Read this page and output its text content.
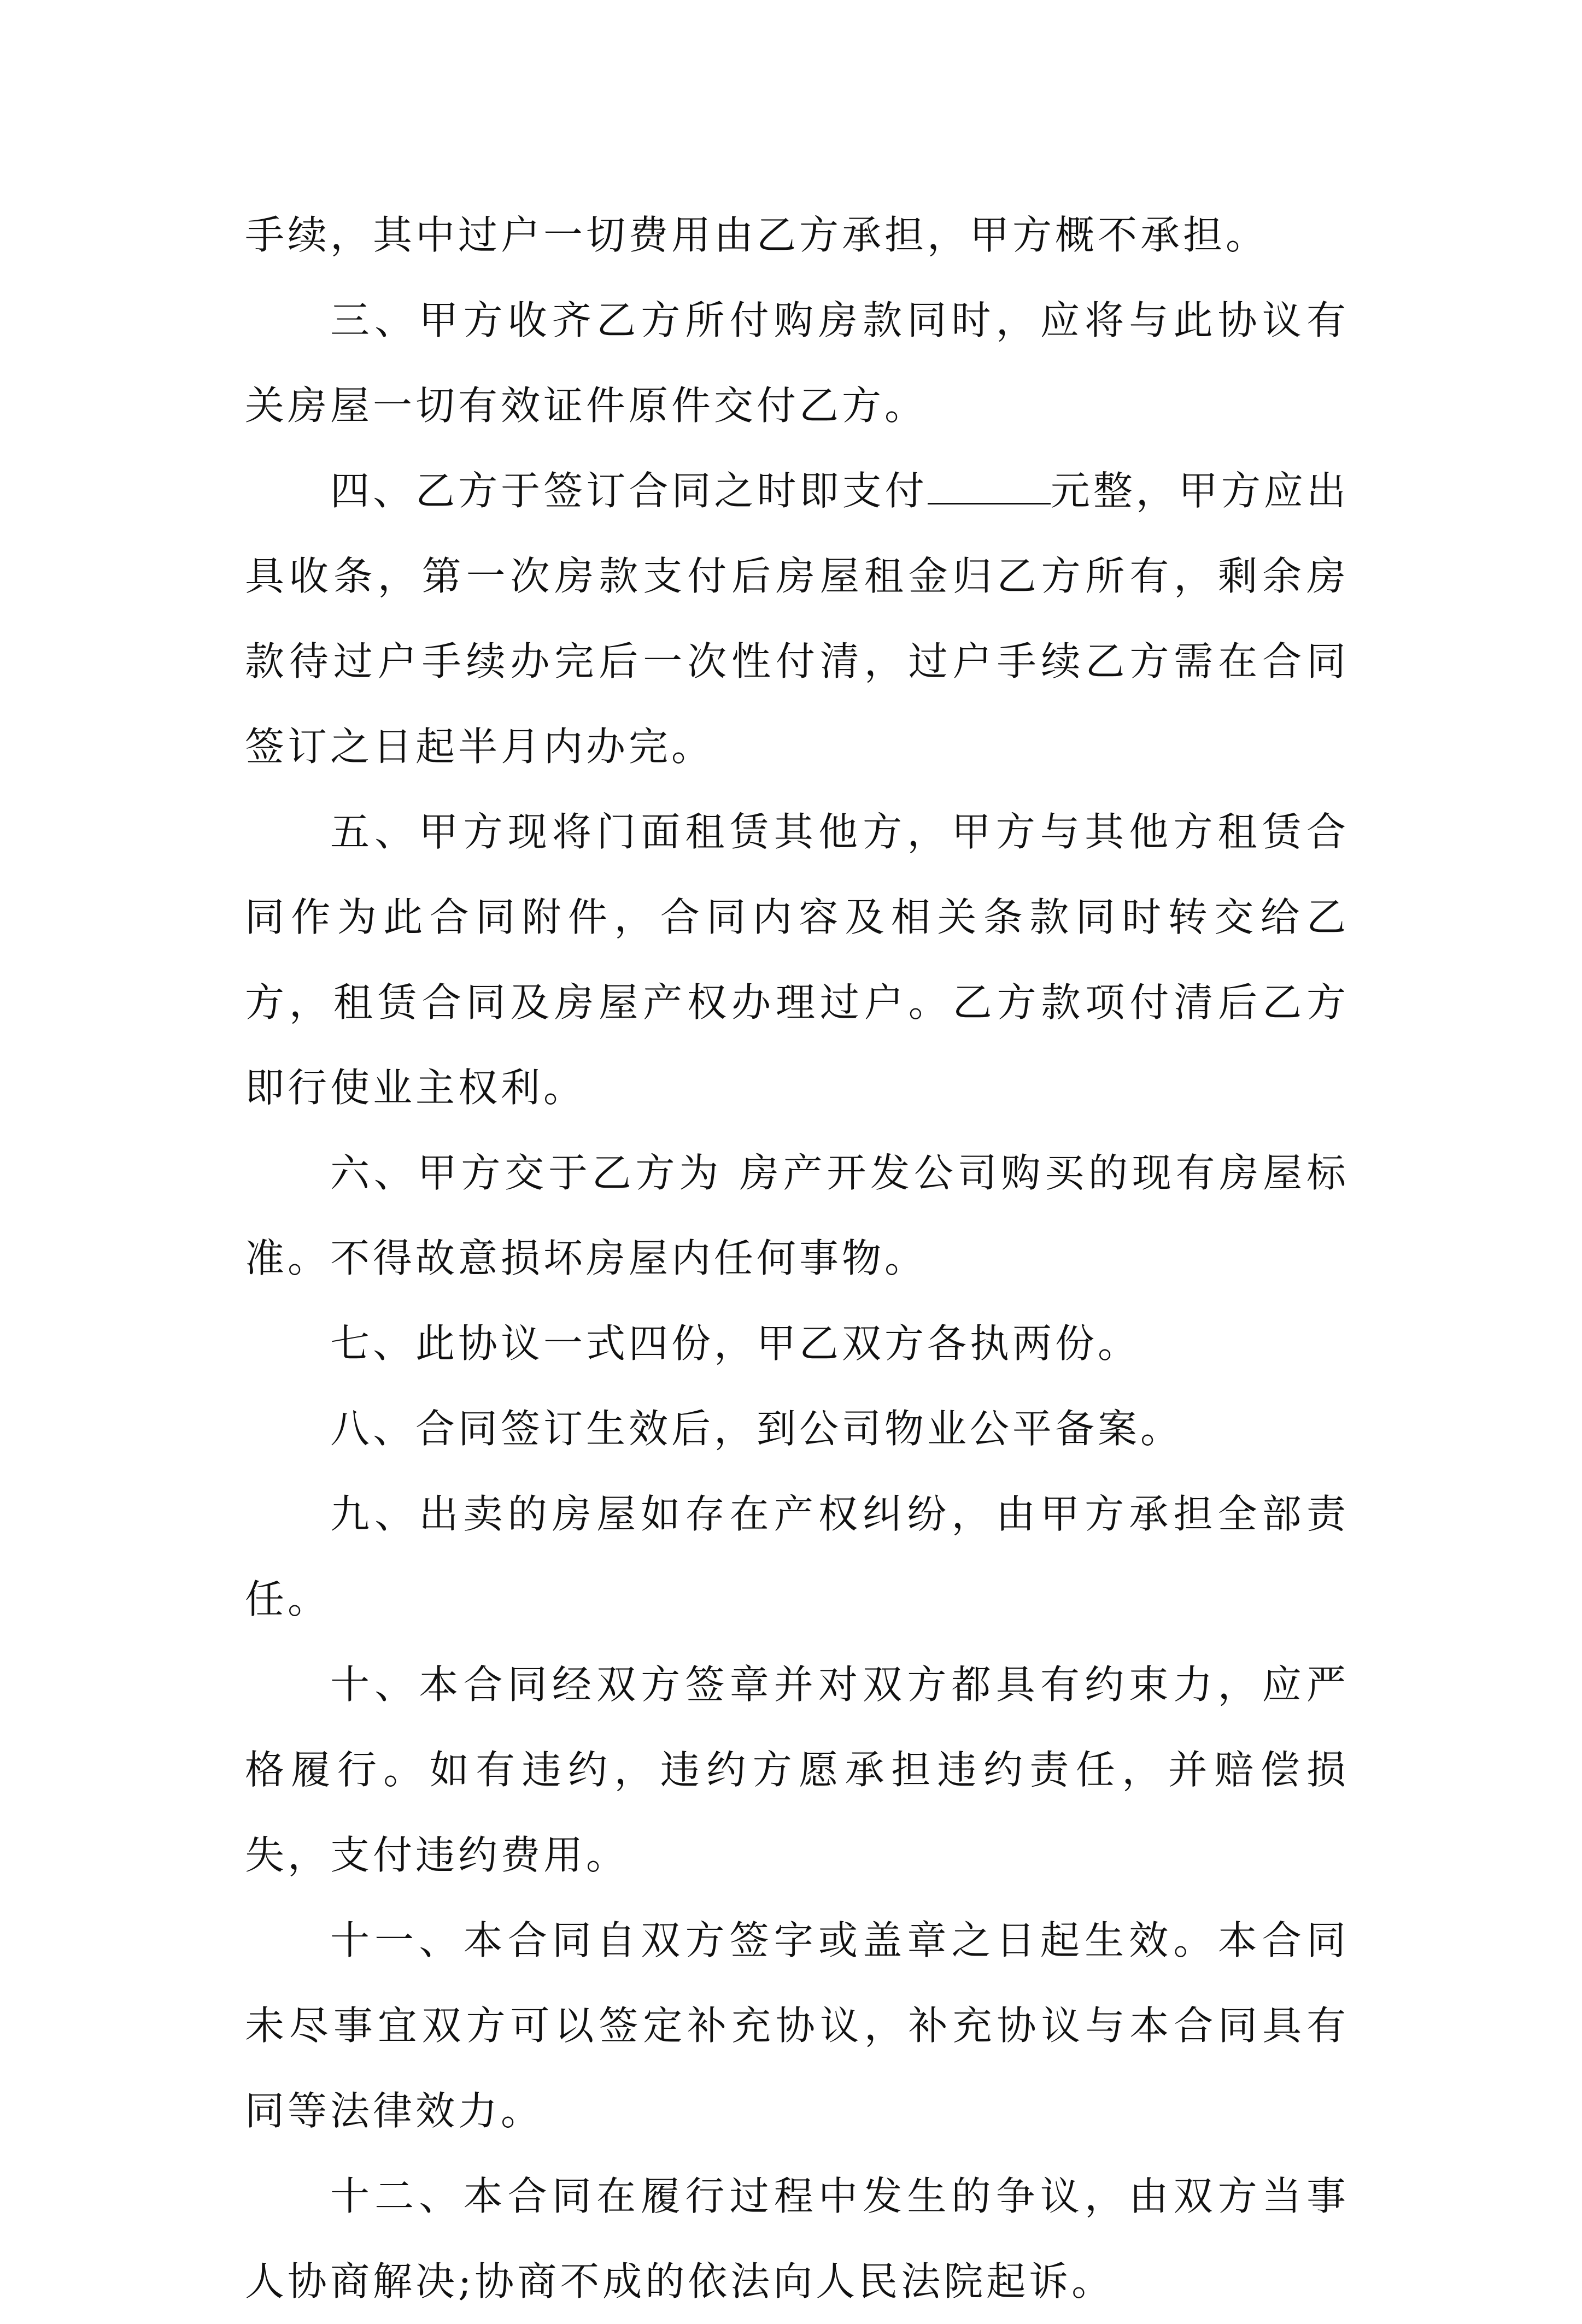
手续，其中过户一切费用由乙方承担，甲方概不承担。

三、甲方收齐乙方所付购房款同时，应将与此协议有关房屋一切有效证件原件交付乙方。

四、乙方于签订合同之时即支付	元整，甲方应出具收条，第一次房款支付后房屋租金归乙方所有，剩余房款待过户手续办完后一次性付清，过户手续乙方需在合同签订之日起半月内办完。

五、甲方现将门面租赁其他方，甲方与其他方租赁合同作为此合同附件，合同内容及相关条款同时转交给乙方，租赁合同及房屋产权办理过户。乙方款项付清后乙方即行使业主权利。

六、甲方交于乙方为 房产开发公司购买的现有房屋标准。不得故意损坏房屋内任何事物。

七、此协议一式四份，甲乙双方各执两份。

八、合同签订生效后，到公司物业公平备案。

九、出卖的房屋如存在产权纠纷，由甲方承担全部责任。

十、本合同经双方签章并对双方都具有约束力，应严格履行。如有违约，违约方愿承担违约责任，并赔偿损失，支付违约费用。

十一、本合同自双方签字或盖章之日起生效。本合同未尽事宜双方可以签定补充协议，补充协议与本合同具有同等法律效力。

十二、本合同在履行过程中发生的争议，由双方当事人协商解决;协商不成的依法向人民法院起诉。
